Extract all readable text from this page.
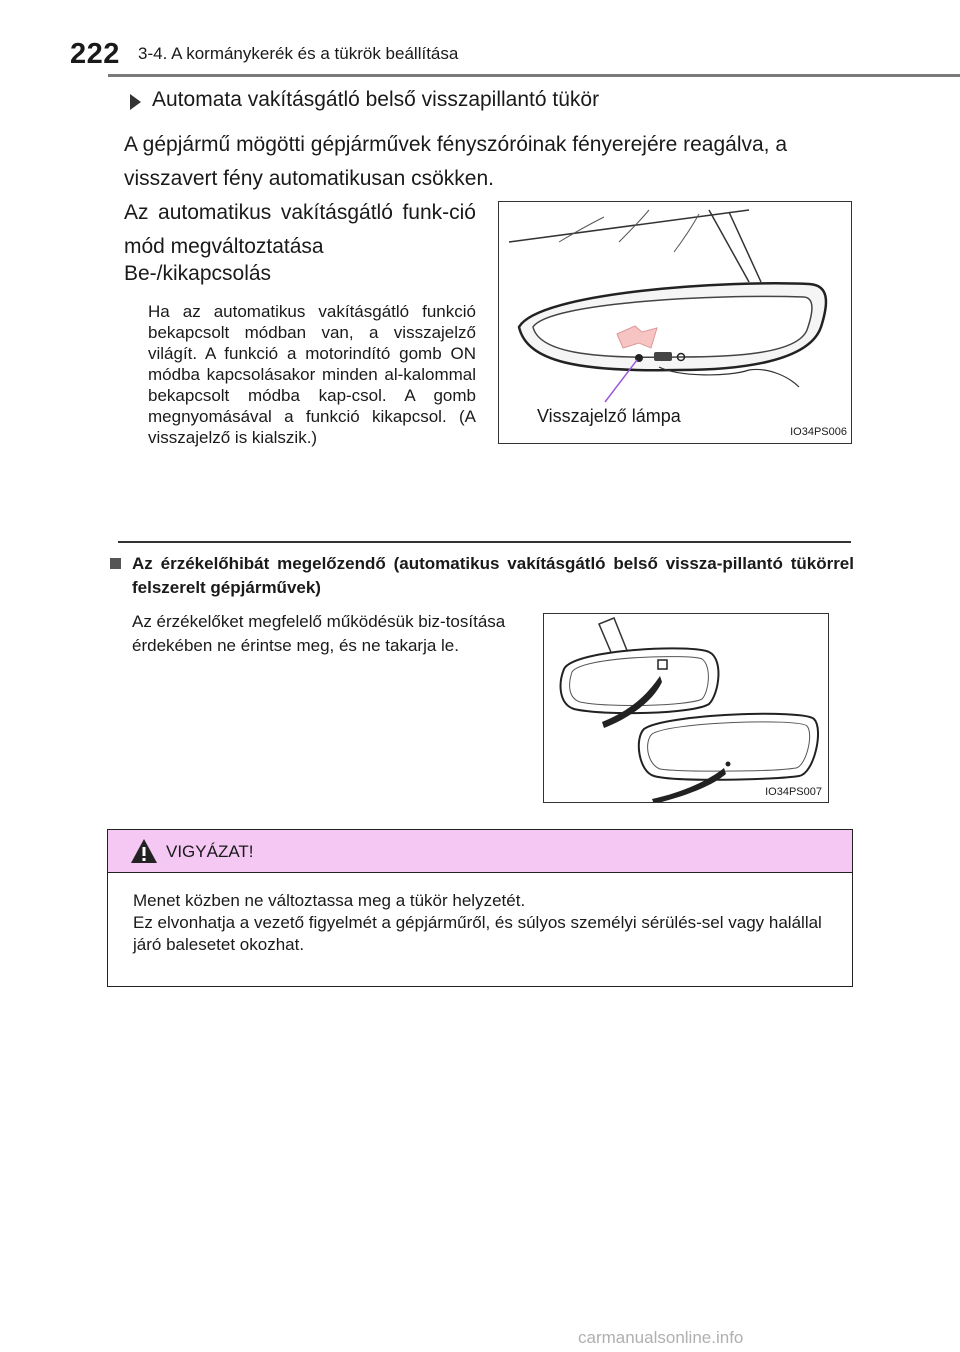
222 3-4. A kormánykerék és a tükrök beállítása
Automata vakításgátló belső visszapillantó tükör
A gépjármű mögötti gépjárművek fényszóróinak fényerejére reagálva, a visszavert fény automatikusan csökken.
Az automatikus vakításgátló funk-ció mód megváltoztatása
Be-/kikapcsolás
Ha az automatikus vakításgátló funkció bekapcsolt módban van, a visszajelző világít. A funkció a motorindító gomb ON módba kapcsolásakor minden al-kalommal bekapcsolt módba kap-csol. A gomb megnyomásával a funkció kikapcsol. (A visszajelző is kialszik.)
Visszajelző lámpa
IO34PS006
Az érzékelőhibát megelőzendő (automatikus vakításgátló belső vissza-pillantó tükörrel felszerelt gépjárművek)
Az érzékelőket megfelelő működésük biz-tosítása érdekében ne érintse meg, és ne takarja le.
IO34PS007
VIGYÁZAT!
Menet közben ne változtassa meg a tükör helyzetét.
Ez elvonhatja a vezető figyelmét a gépjárműről, és súlyos személyi sérülés-sel vagy halállal járó balesetet okozhat.
carmanualsonline.info
